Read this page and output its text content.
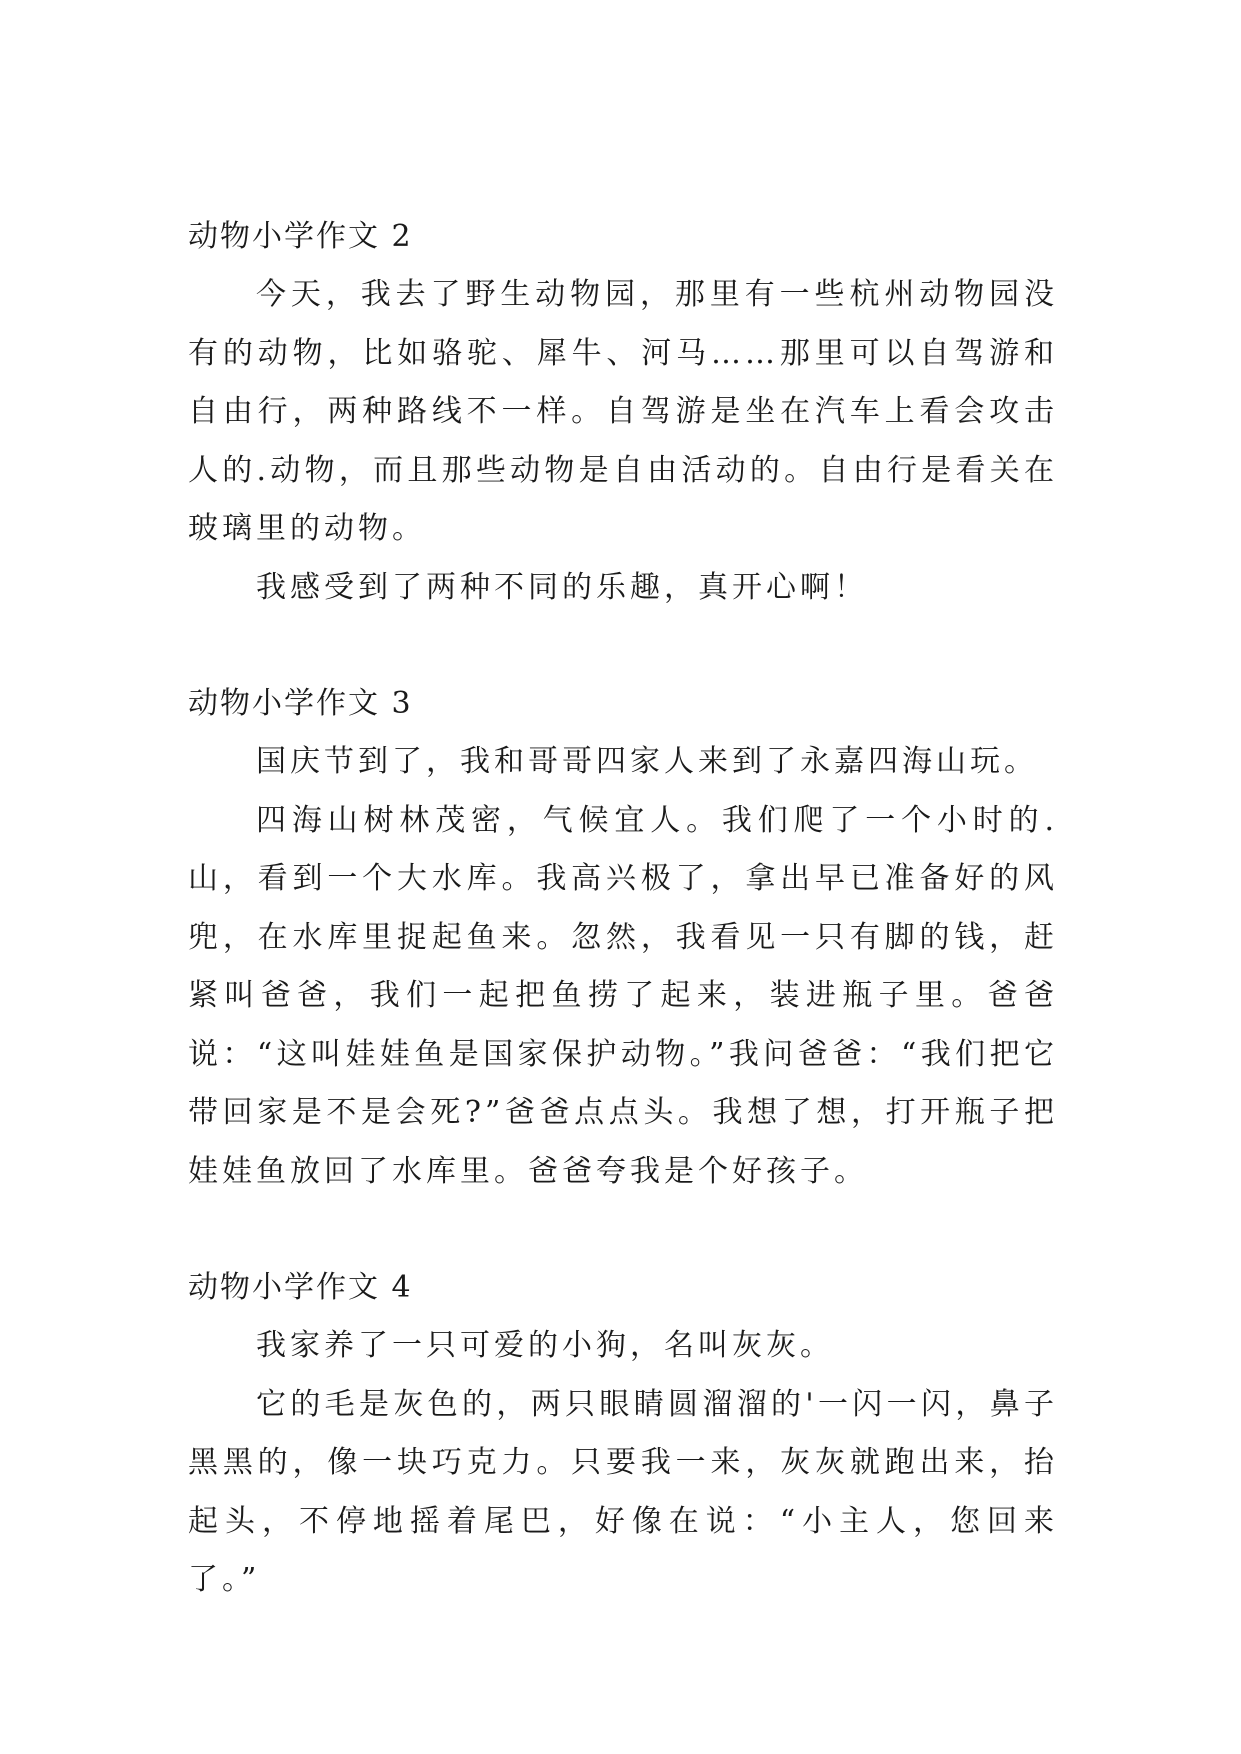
动物小学作文 2

今天，我去了野生动物园，那里有一些杭州动物园没有的动物，比如骆驼、犀牛、河马……那里可以自驾游和自由行，两种路线不一样。自驾游是坐在汽车上看会攻击人的.动物，而且那些动物是自由活动的。自由行是看关在玻璃里的动物。

我感受到了两种不同的乐趣，真开心啊！

动物小学作文 3

国庆节到了，我和哥哥四家人来到了永嘉四海山玩。

四海山树林茂密，气候宜人。我们爬了一个小时的.山，看到一个大水库。我高兴极了，拿出早已准备好的风兜，在水库里捉起鱼来。忽然，我看见一只有脚的钱，赶紧叫爸爸，我们一起把鱼捞了起来，装进瓶子里。爸爸说：“这叫娃娃鱼是国家保护动物。”我问爸爸：“我们把它带回家是不是会死?”爸爸点点头。我想了想，打开瓶子把娃娃鱼放回了水库里。爸爸夸我是个好孩子。

动物小学作文 4

我家养了一只可爱的小狗，名叫灰灰。

它的毛是灰色的，两只眼睛圆溜溜的'一闪一闪，鼻子黑黑的，像一块巧克力。只要我一来，灰灰就跑出来，抬起头，不停地摇着尾巴，好像在说：“小主人，您回来了。”
